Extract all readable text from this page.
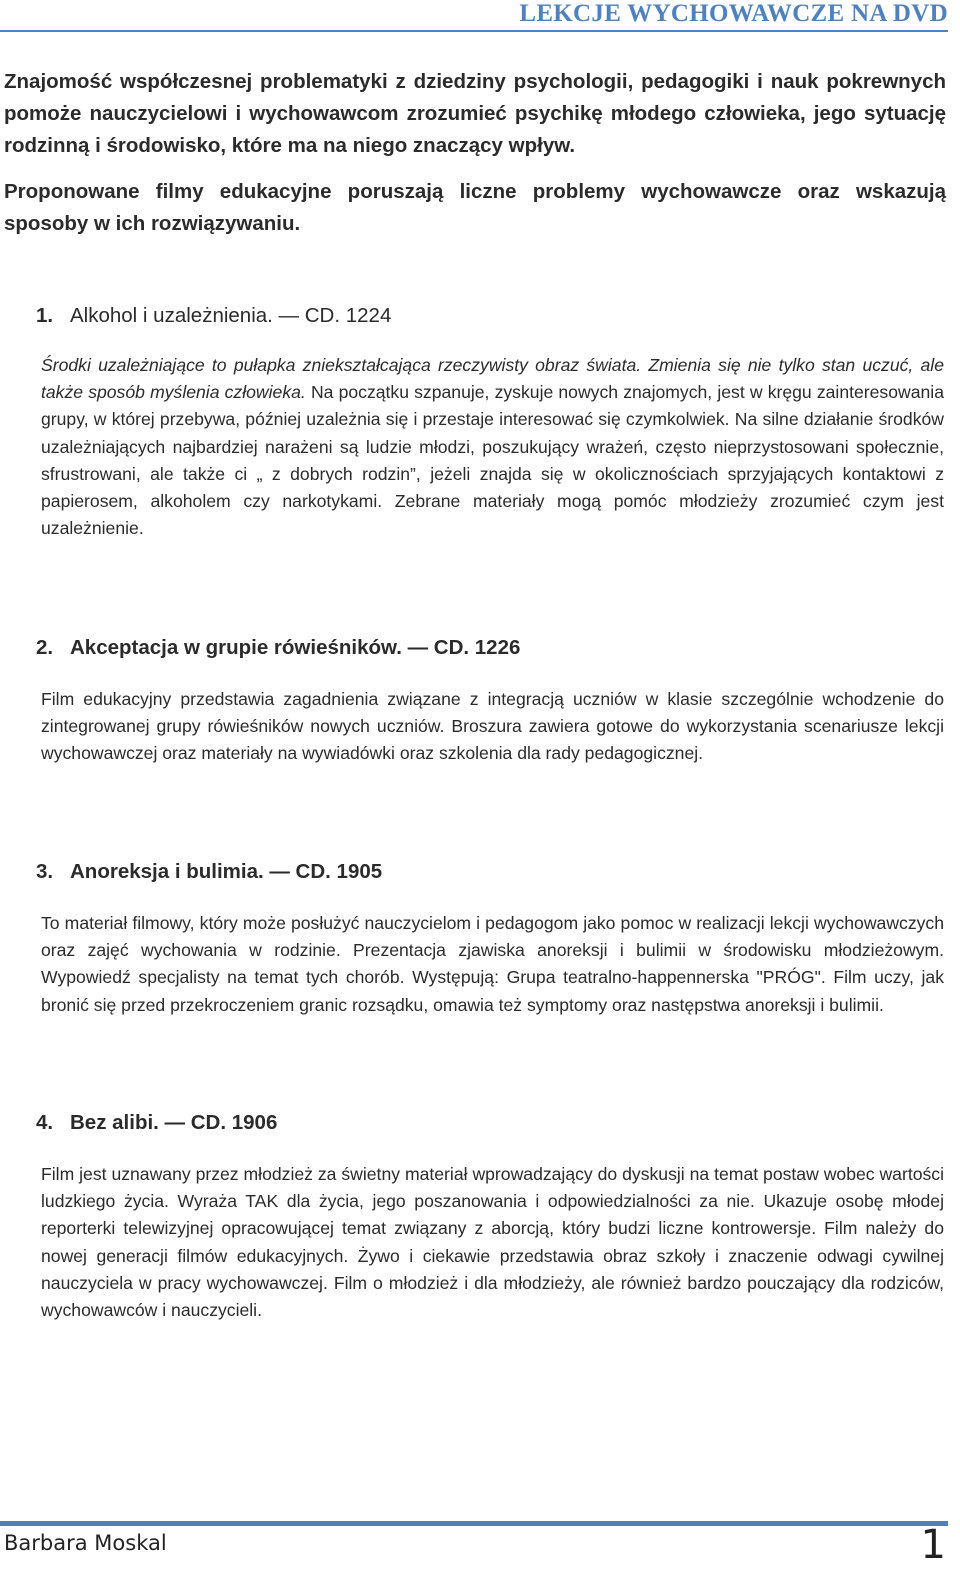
LEKCJE WYCHOWAWCZE NA DVD

Znajomość współczesnej problematyki z dziedziny psychologii, pedagogiki i nauk pokrewnych pomoże nauczycielowi i wychowawcom zrozumieć psychikę młodego człowieka, jego sytuację rodzinną i środowisko, które ma na niego znaczący wpływ.

Proponowane filmy edukacyjne poruszają liczne problemy wychowawcze oraz wskazują sposoby w ich rozwiązywaniu.

1. Alkohol i uzależnienia. — CD. 1224

Środki uzależniające to pułapka zniekształcająca rzeczywisty obraz świata. Zmienia się nie tylko stan uczuć, ale także sposób myślenia człowieka. Na początku szpanuje, zyskuje nowych znajomych, jest w kręgu zainteresowania grupy, w której przebywa, później uzależnia się i przestaje interesować się czymkolwiek. Na silne działanie środków uzależniających najbardziej narażeni są ludzie młodzi, poszukujący wrażeń, często nieprzystosowani społecznie, sfrustrowani, ale także ci „ z dobrych rodzin”, jeżeli znajda się w okolicznościach sprzyjających kontaktowi z papierosem, alkoholem czy narkotykami. Zebrane materiały mogą pomóc młodzieży zrozumieć czym jest uzależnienie.

2. Akceptacja w grupie rówieśników. — CD. 1226

Film edukacyjny przedstawia zagadnienia związane z integracją uczniów w klasie szczególnie wchodzenie do zintegrowanej grupy rówieśników nowych uczniów. Broszura zawiera gotowe do wykorzystania scenariusze lekcji wychowawczej oraz materiały na wywiadówki oraz szkolenia dla rady pedagogicznej.

3. Anoreksja i bulimia. — CD. 1905

To materiał filmowy, który może posłużyć nauczycielom i pedagogom jako pomoc w realizacji lekcji wychowawczych oraz zajęć wychowania w rodzinie. Prezentacja zjawiska anoreksji i bulimii w środowisku młodzieżowym. Wypowiedź specjalisty na temat tych chorób. Występują: Grupa teatralno-happennerska "PRÓG". Film uczy, jak bronić się przed przekroczeniem granic rozsądku, omawia też symptomy oraz następstwa anoreksji i bulimii.

4. Bez alibi. — CD. 1906

Film jest uznawany przez młodzież za świetny materiał wprowadzający do dyskusji na temat postaw wobec wartości ludzkiego życia. Wyraża TAK dla życia, jego poszanowania i odpowiedzialności za nie. Ukazuje osobę młodej reporterki telewizyjnej opracowującej temat związany z aborcją, który budzi liczne kontrowersje. Film należy do nowej generacji filmów edukacyjnych. Żywo i ciekawie przedstawia obraz szkoły i znaczenie odwagi cywilnej nauczyciela w pracy wychowawczej. Film o młodzież i dla młodzieży, ale również bardzo pouczający dla rodziców, wychowawców i nauczycieli.

Barbara Moskal	1
